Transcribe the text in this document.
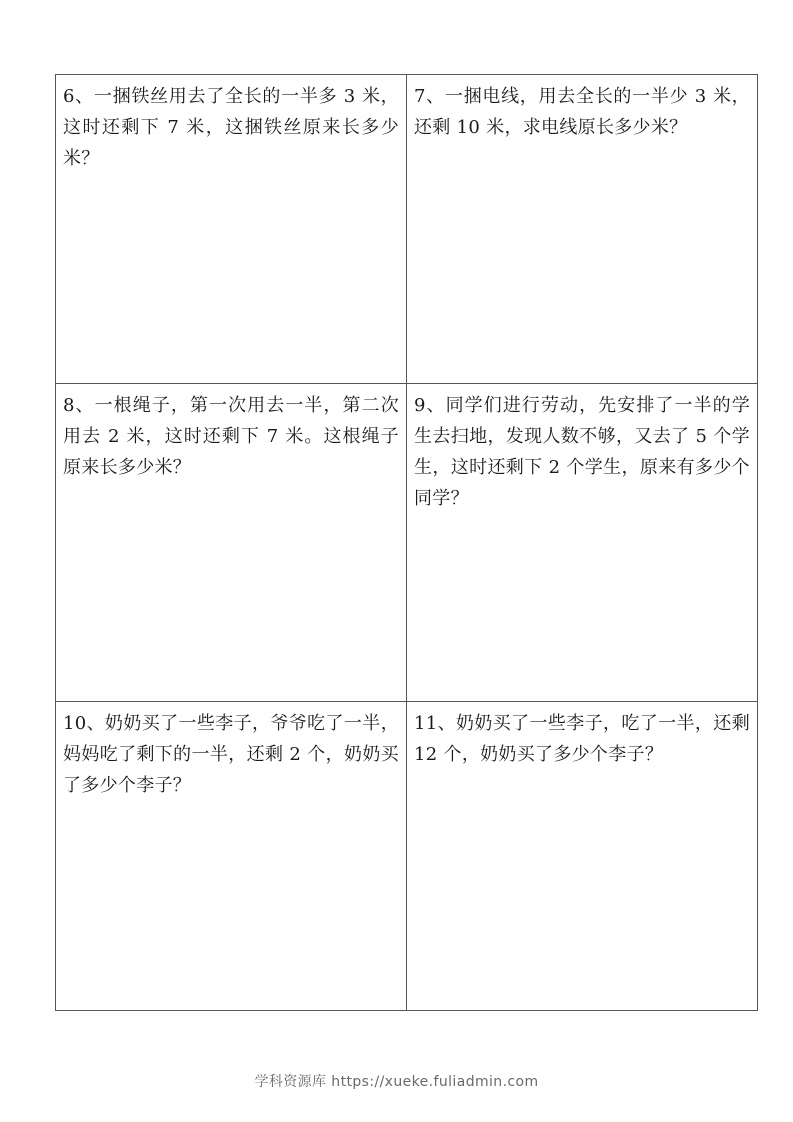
6、一捆铁丝用去了全长的一半多 3 米，这时还剩下 7 米，这捆铁丝原来长多少米？	7、一捆电线，用去全长的一半少 3 米，还剩 10 米，求电线原长多少米？
8、一根绳子，第一次用去一半，第二次用去 2 米，这时还剩下 7 米。这根绳子原来长多少米？	9、同学们进行劳动，先安排了一半的学生去扫地，发现人数不够，又去了 5 个学生，这时还剩下 2 个学生，原来有多少个同学？
10、奶奶买了一些李子，爷爷吃了一半，妈妈吃了剩下的一半，还剩 2 个，奶奶买了多少个李子？	11、奶奶买了一些李子，吃了一半，还剩 12 个，奶奶买了多少个李子？
学科资源库 https://xueke.fuliadmin.com
